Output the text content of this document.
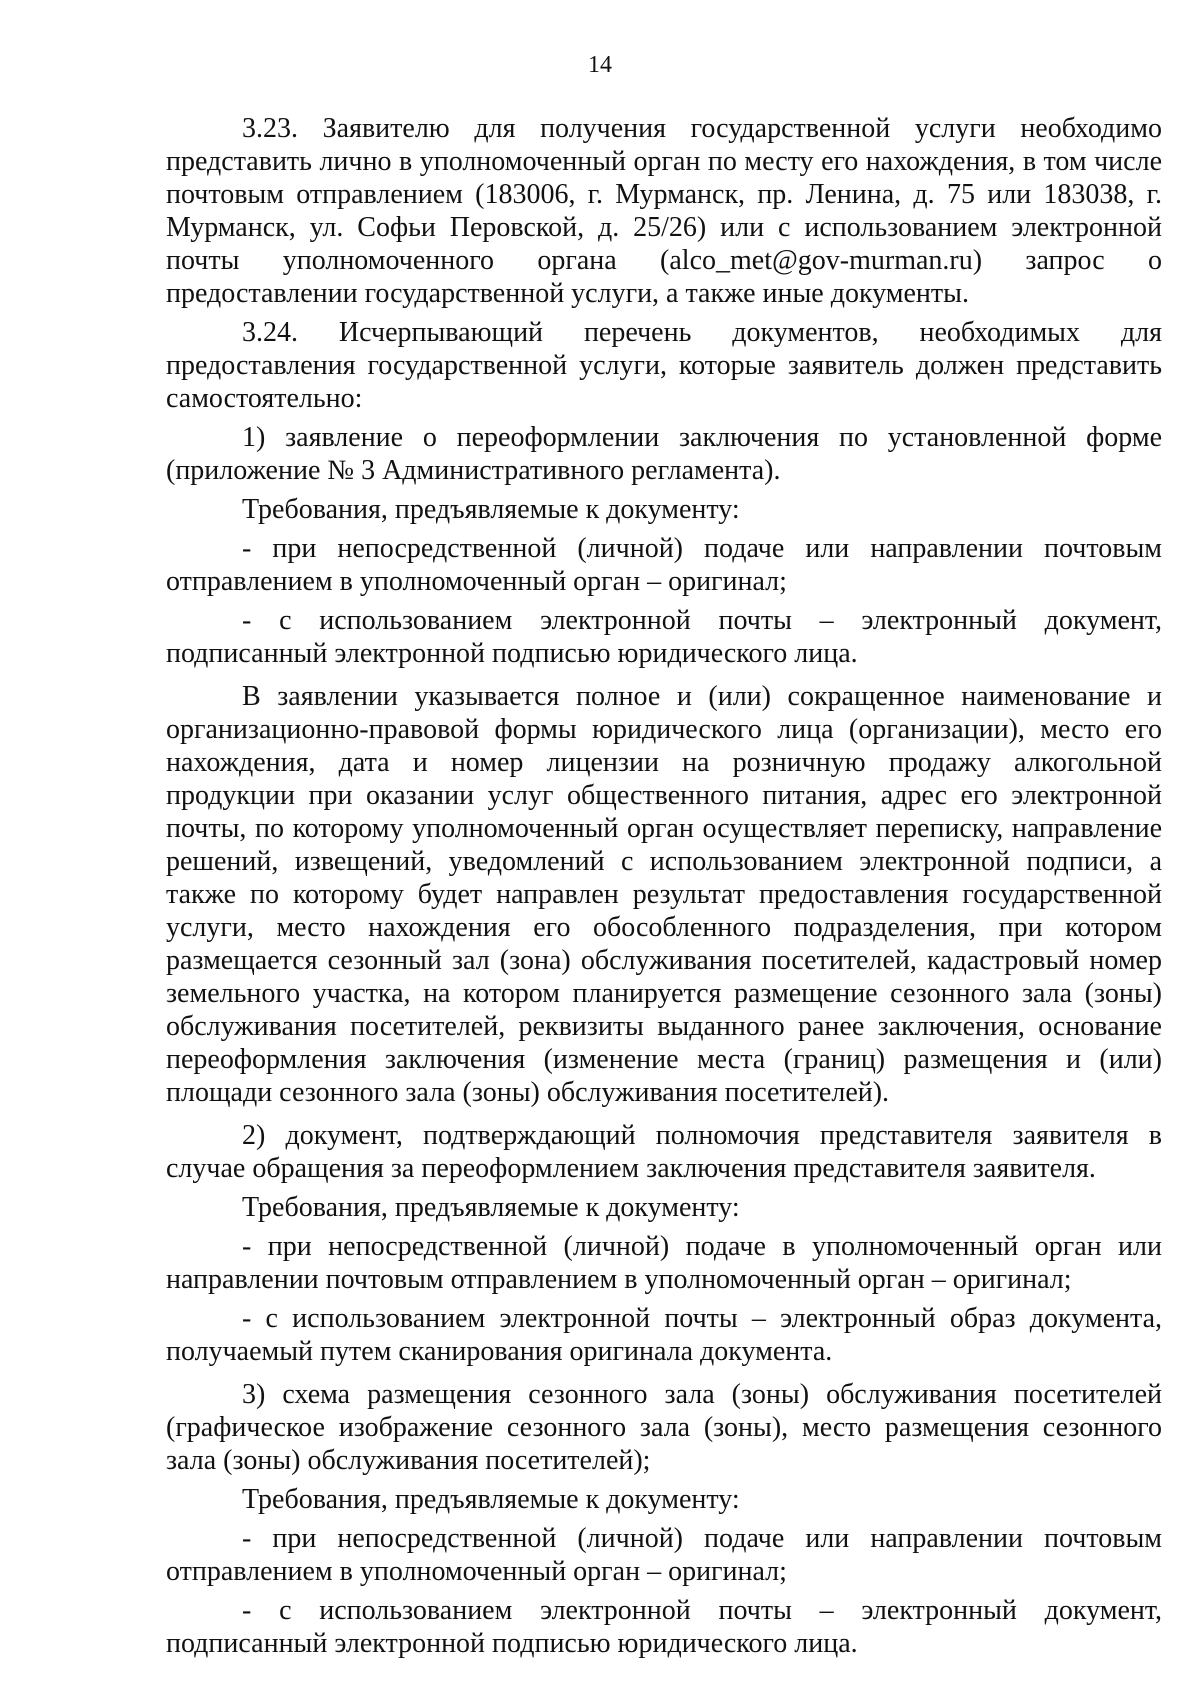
14

3.23. Заявителю для получения государственной услуги необходимо представить лично в уполномоченный орган по месту его нахождения, в том числе почтовым отправлением (183006, г. Мурманск, пр. Ленина, д. 75 или 183038, г. Мурманск, ул. Софьи Перовской, д. 25/26) или с использованием электронной почты уполномоченного органа (alco_met@gov-murman.ru) запрос о предоставлении государственной услуги, а также иные документы.

3.24. Исчерпывающий перечень документов, необходимых для предоставления государственной услуги, которые заявитель должен представить самостоятельно:

1) заявление о переоформлении заключения по установленной форме (приложение № 3 Административного регламента).

Требования, предъявляемые к документу:

- при непосредственной (личной) подаче или направлении почтовым отправлением в уполномоченный орган – оригинал;

- с использованием электронной почты – электронный документ, подписанный электронной подписью юридического лица.

В заявлении указывается полное и (или) сокращенное наименование и организационно-правовой формы юридического лица (организации), место его нахождения, дата и номер лицензии на розничную продажу алкогольной продукции при оказании услуг общественного питания, адрес его электронной почты, по которому уполномоченный орган осуществляет переписку, направление решений, извещений, уведомлений с использованием электронной подписи, а также по которому будет направлен результат предоставления государственной услуги, место нахождения его обособленного подразделения, при котором размещается сезонный зал (зона) обслуживания посетителей, кадастровый номер земельного участка, на котором планируется размещение сезонного зала (зоны) обслуживания посетителей, реквизиты выданного ранее заключения, основание переоформления заключения (изменение места (границ) размещения и (или) площади сезонного зала (зоны) обслуживания посетителей).

2) документ, подтверждающий полномочия представителя заявителя в случае обращения за переоформлением заключения представителя заявителя.

Требования, предъявляемые к документу:

- при непосредственной (личной) подаче в уполномоченный орган или направлении почтовым отправлением в уполномоченный орган – оригинал;

- с использованием электронной почты – электронный образ документа, получаемый путем сканирования оригинала документа.

3) схема размещения сезонного зала (зоны) обслуживания посетителей (графическое изображение сезонного зала (зоны), место размещения сезонного зала (зоны) обслуживания посетителей);

Требования, предъявляемые к документу:

- при непосредственной (личной) подаче или направлении почтовым отправлением в уполномоченный орган – оригинал;

- с использованием электронной почты – электронный документ, подписанный электронной подписью юридического лица.
